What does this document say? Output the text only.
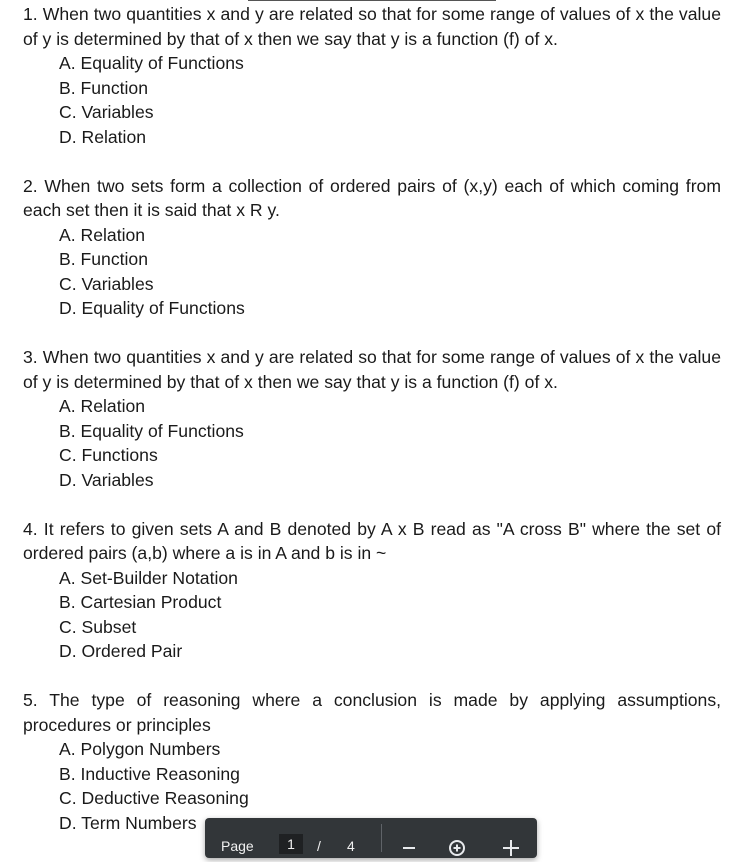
1. When two quantities x and y are related so that for some range of values of x the value of y is determined by that of x then we say that y is a function (f) of x.

A. Equality of Functions
B. Function
C. Variables
D. Relation

2. When two sets form a collection of ordered pairs of (x,y) each of which coming from each set then it is said that x R y.

A. Relation
B. Function
C. Variables
D. Equality of Functions

3. When two quantities x and y are related so that for some range of values of x the value of y is determined by that of x then we say that y is a function (f) of x.

A. Relation
B. Equality of Functions
C. Functions
D. Variables

4. It refers to given sets A and B denoted by A x B read as "A cross B" where the set of ordered pairs (a,b) where a is in A and b is in ~

A. Set-Builder Notation
B. Cartesian Product
C. Subset
D. Ordered Pair

5. The type of reasoning where a conclusion is made by applying assumptions, procedures or principles

A. Polygon Numbers
B. Inductive Reasoning
C. Deductive Reasoning
D. Term Numbers
Page
1	/ 4
